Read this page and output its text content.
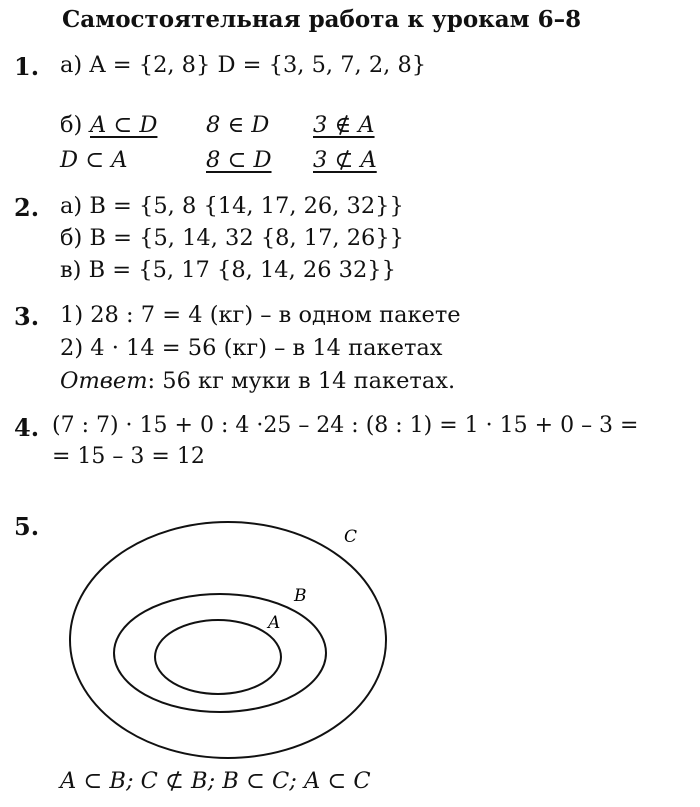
Самостоятельная работа к урокам 6–8
1. а) A = {2, 8} D = {3, 5, 7, 2, 8}
б) A ⊂ D 8 ∈ D 3 ∉ A
D ⊂ A	8 ⊂ D 3 ⊄ A
2. а) B = {5, 8 {14, 17, 26, 32}}
б) B = {5, 14, 32 {8, 17, 26}}
в) B = {5, 17 {8, 14, 26 32}}
3. 1) 28 : 7 = 4 (кг) – в одном пакете
2) 4 · 14 = 56 (кг) – в 14 пакетах
Ответ: 56 кг муки в 14 пакетах.
4. (7 : 7) · 15 + 0 : 4 ·25 – 24 : (8 : 1) = 1 · 15 + 0 – 3 =
= 15 – 3 = 12
5.	C
B
A
A ⊂ B; C ⊄ B; B ⊂ C; A ⊂ C
